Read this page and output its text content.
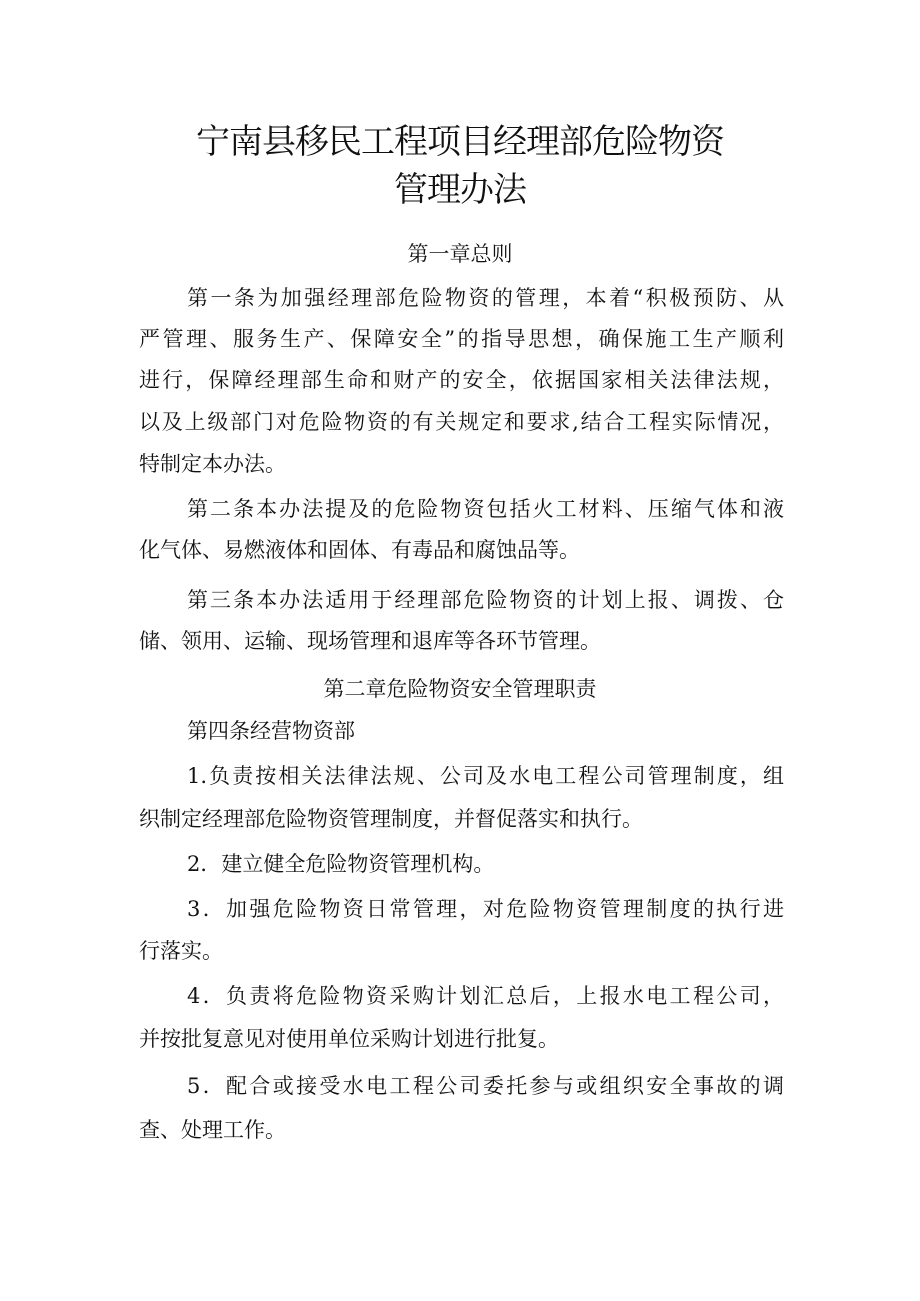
宁南县移民工程项目经理部危险物资
管理办法
第一章总则
第一条为加强经理部危险物资的管理，本着“积极预防、从
严管理、服务生产、保障安全”的指导思想，确保施工生产顺利
进行，保障经理部生命和财产的安全，依据国家相关法律法规，
以及上级部门对危险物资的有关规定和要求,结合工程实际情况，
特制定本办法。
第二条本办法提及的危险物资包括火工材料、压缩气体和液
化气体、易燃液体和固体、有毒品和腐蚀品等。
第三条本办法适用于经理部危险物资的计划上报、调拨、仓
储、领用、运输、现场管理和退库等各环节管理。
第二章危险物资安全管理职责
第四条经营物资部
1.负责按相关法律法规、公司及水电工程公司管理制度，组
织制定经理部危险物资管理制度，并督促落实和执行。
2．建立健全危险物资管理机构。
3．加强危险物资日常管理，对危险物资管理制度的执行进
行落实。
4．负责将危险物资采购计划汇总后，上报水电工程公司，
并按批复意见对使用单位采购计划进行批复。
5．配合或接受水电工程公司委托参与或组织安全事故的调
查、处理工作。
